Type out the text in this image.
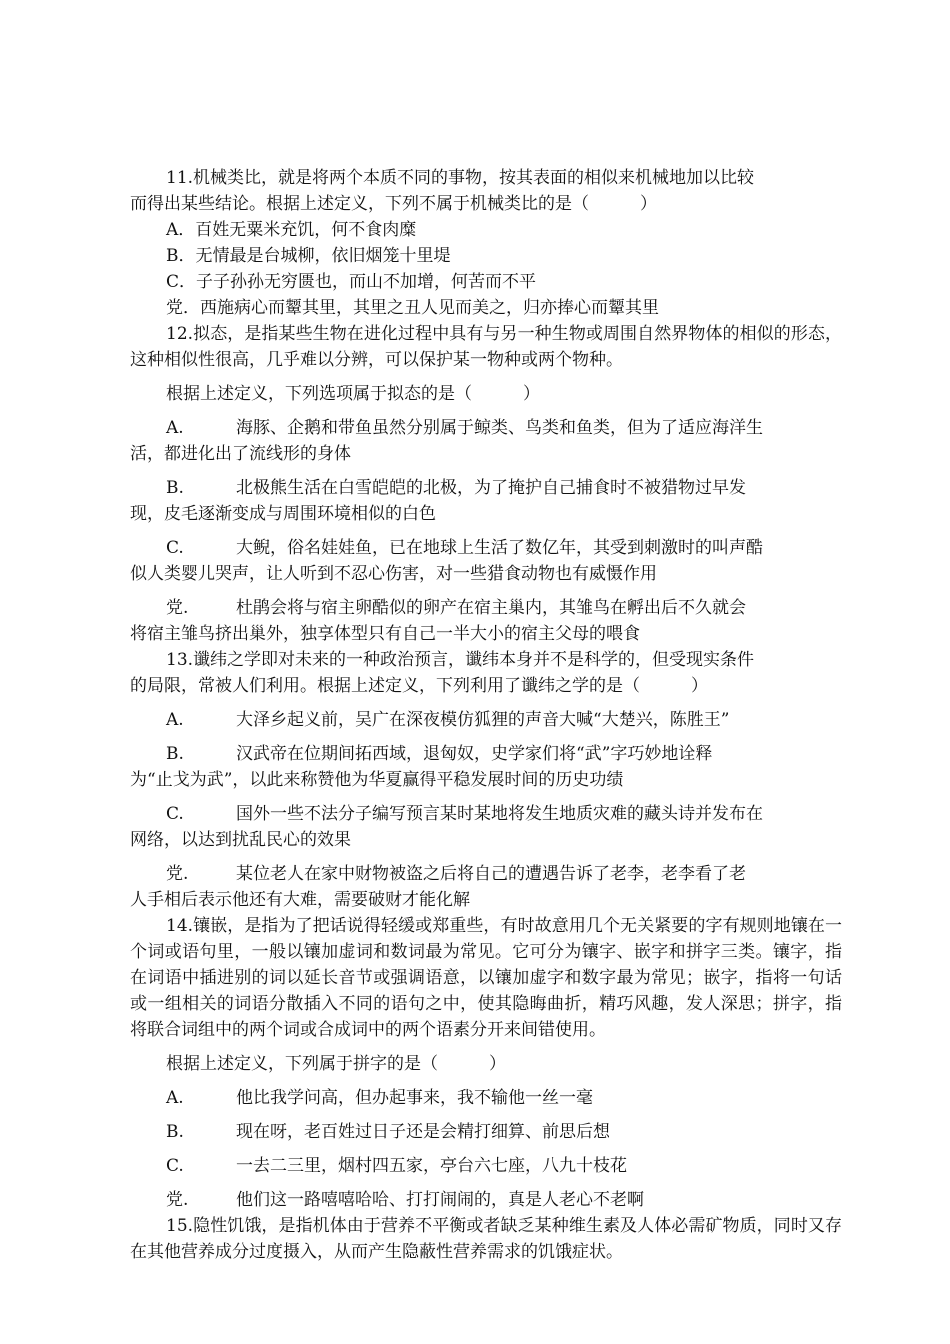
11.机械类比，就是将两个本质不同的事物，按其表面的相似来机械地加以比较

而得出某些结论。根据上述定义，下列不属于机械类比的是（　　　）

A．百姓无粟米充饥，何不食肉糜

B．无情最是台城柳，依旧烟笼十里堤

C．子子孙孙无穷匮也，而山不加增，何苦而不平

党．西施病心而颦其里，其里之丑人见而美之，归亦捧心而颦其里

12.拟态，是指某些生物在进化过程中具有与另一种生物或周围自然界物体的相似的形态，这种相似性很高，几乎难以分辨，可以保护某一物种或两个物种。

根据上述定义，下列选项属于拟态的是（　　　）

A.	海豚、企鹅和带鱼虽然分别属于鲸类、鸟类和鱼类，但为了适应海洋生

活，都进化出了流线形的身体

B.	北极熊生活在白雪皑皑的北极，为了掩护自己捕食时不被猎物过早发

现，皮毛逐渐变成与周围环境相似的白色

C.	大鲵，俗名娃娃鱼，已在地球上生活了数亿年，其受到刺激时的叫声酷

似人类婴儿哭声，让人听到不忍心伤害，对一些猎食动物也有威慑作用

党.	杜鹃会将与宿主卵酷似的卵产在宿主巢内，其雏鸟在孵出后不久就会

将宿主雏鸟挤出巢外，独享体型只有自己一半大小的宿主父母的喂食

13.谶纬之学即对未来的一种政治预言，谶纬本身并不是科学的，但受现实条件

的局限，常被人们利用。根据上述定义，下列利用了谶纬之学的是（　　　）

A.	大泽乡起义前，吴广在深夜模仿狐狸的声音大喊“大楚兴，陈胜王”

B.	汉武帝在位期间拓西域，退匈奴，史学家们将“武”字巧妙地诠释

为“止戈为武”，以此来称赞他为华夏赢得平稳发展时间的历史功绩

C.	国外一些不法分子编写预言某时某地将发生地质灾难的藏头诗并发布在

网络，以达到扰乱民心的效果

党.	某位老人在家中财物被盗之后将自己的遭遇告诉了老李，老李看了老

人手相后表示他还有大难，需要破财才能化解

14.镶嵌，是指为了把话说得轻缓或郑重些，有时故意用几个无关紧要的字有规则地镶在一个词或语句里，一般以镶加虚词和数词最为常见。它可分为镶字、嵌字和拼字三类。镶字，指在词语中插进别的词以延长音节或强调语意，以镶加虚字和数字最为常见；嵌字，指将一句话或一组相关的词语分散插入不同的语句之中，使其隐晦曲折，精巧风趣，发人深思；拼字，指将联合词组中的两个词或合成词中的两个语素分开来间错使用。

根据上述定义，下列属于拼字的是（　　　）

A.	他比我学问高，但办起事来，我不输他一丝一毫

B.	现在呀，老百姓过日子还是会精打细算、前思后想

C.	一去二三里，烟村四五家，亭台六七座，八九十枝花

党.	他们这一路嘻嘻哈哈、打打闹闹的，真是人老心不老啊

15.隐性饥饿，是指机体由于营养不平衡或者缺乏某种维生素及人体必需矿物质，同时又存在其他营养成分过度摄入，从而产生隐蔽性营养需求的饥饿症状。
